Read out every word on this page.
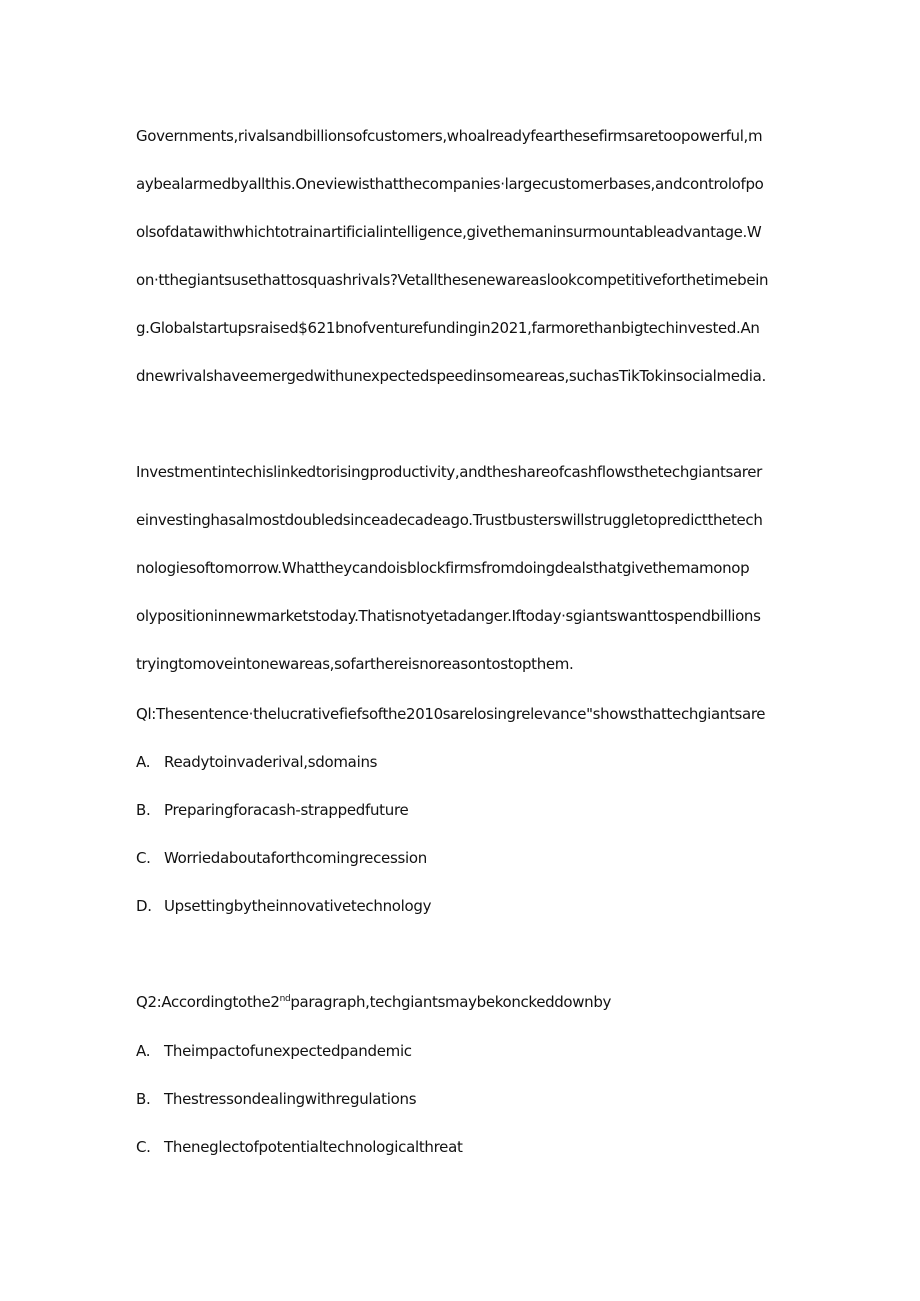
Governments,rivalsandbillionsofcustomers,whoalreadyfearthesefirmsaretoopowerful,m
aybealarmedbyallthis.Oneviewisthatthecompanies·largecustomerbases,andcontrolofpo
olsofdatawithwhichtotrainartificialintelligence,givethemaninsurmountableadvantage.W
on·tthegiantsusethattosquashrivals?Vetallthesenewareaslookcompetitiveforthetimebein
g.Globalstartupsraised$621bnofventurefundingin2021,farmorethanbigtechinvested.An
dnewrivalshaveemergedwithunexpectedspeedinsomeareas,suchasTikTokinsocialmedia.
Investmentintechislinkedtorisingproductivity,andtheshareofcashflowsthetechgiantsarer
einvestinghasalmostdoubledsinceadecadeago.Trustbusterswillstruggletopredictthetech
nologiesoftomorrow.Whattheycandoisblockfirmsfromdoingdealsthatgivethemamonop
olypositioninnewmarketstoday.Thatisnotyetadanger.Iftoday·sgiantswanttospendbillions
tryingtomoveintonewareas,sofarthereisnoreasontostopthem.
Ql:Thesentence·thelucrativefiefsofthe2010sarelosingrelevance"showsthattechgiantsare
A. Readytoinvaderival,sdomains
B. Preparingforacash-strappedfuture
C. Worriedaboutaforthcomingrecession
D. Upsettingbytheinnovativetechnology
Q2:Accordingtothe2ndparagraph,techgiantsmaybekonckeddownby
A. Theimpactofunexpectedpandemic
B. Thestressondealingwithregulations
C. Theneglectofpotentialtechnologicalthreat
